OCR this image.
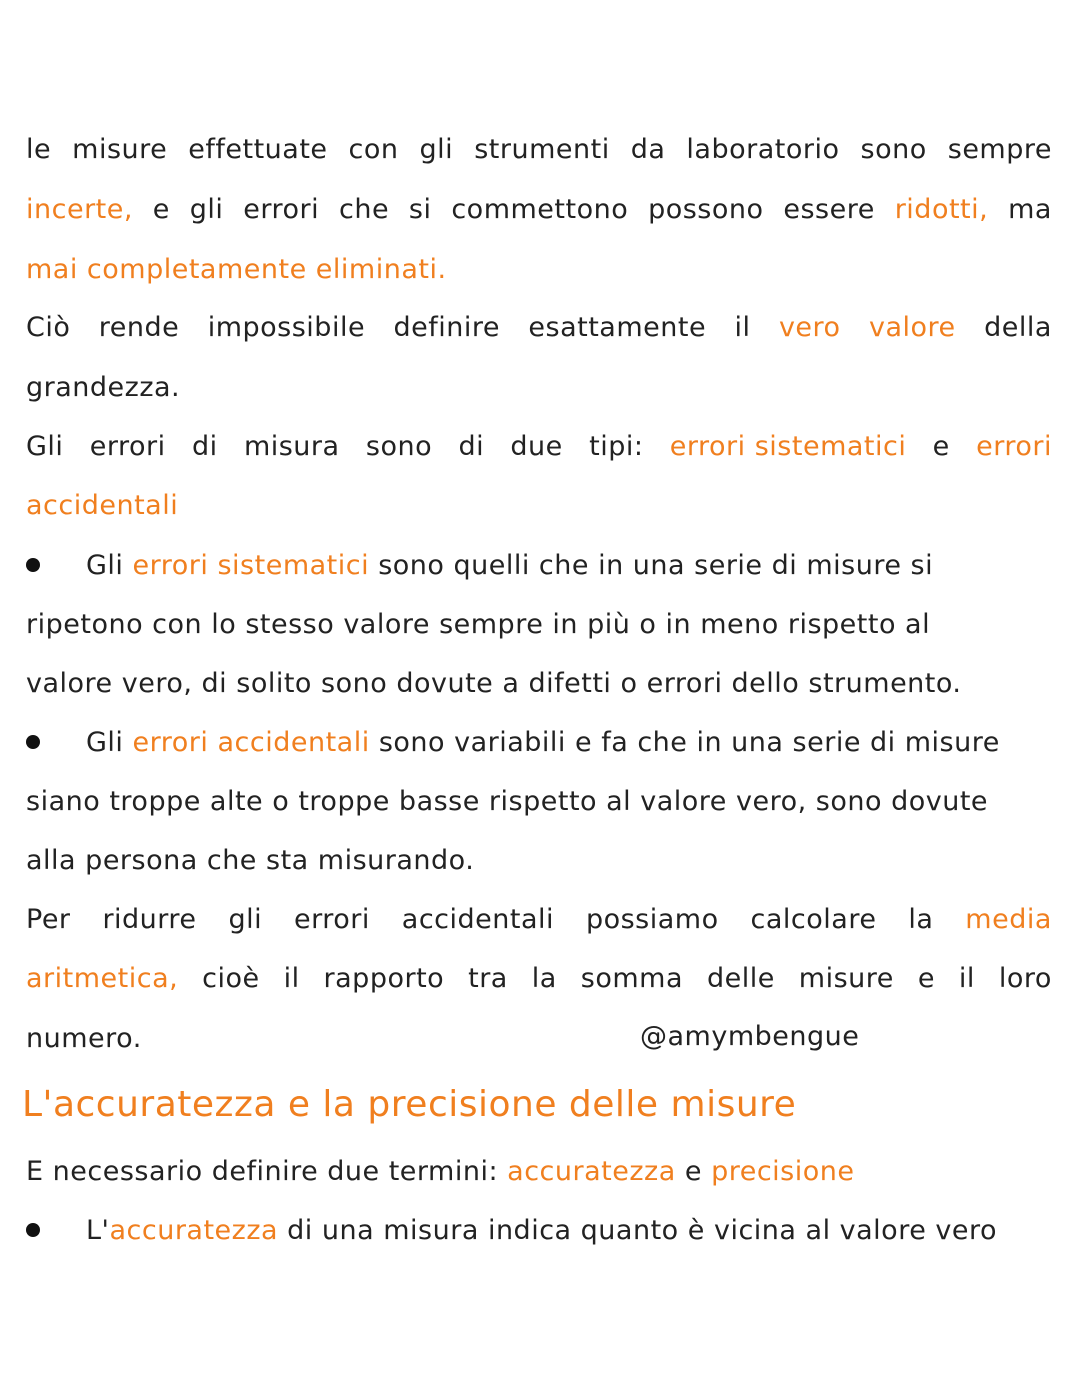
le misure effettuate con gli strumenti da laboratorio sono sempre
incerte, e gli errori che si commettono possono essere ridotti, ma
mai completamente eliminati.
Ciò rende impossibile definire esattamente il vero valore della
grandezza.
Gli errori di misura sono di due tipi: errori sistematici e errori
accidentali
Gli errori sistematici sono quelli che in una serie di misure si
ripetono con lo stesso valore sempre in più o in meno rispetto al
valore vero, di solito sono dovute a difetti o errori dello strumento.
Gli errori accidentali sono variabili e fa che in una serie di misure
siano troppe alte o troppe basse rispetto al valore vero, sono dovute
alla persona che sta misurando.
Per ridurre gli errori accidentali possiamo calcolare la media
aritmetica, cioè il rapporto tra la somma delle misure e il loro
numero.	@amymbengue
L'accuratezza e la precisione delle misure
E necessario definire due termini: accuratezza e precisione
L'accuratezza di una misura indica quanto è vicina al valore vero
